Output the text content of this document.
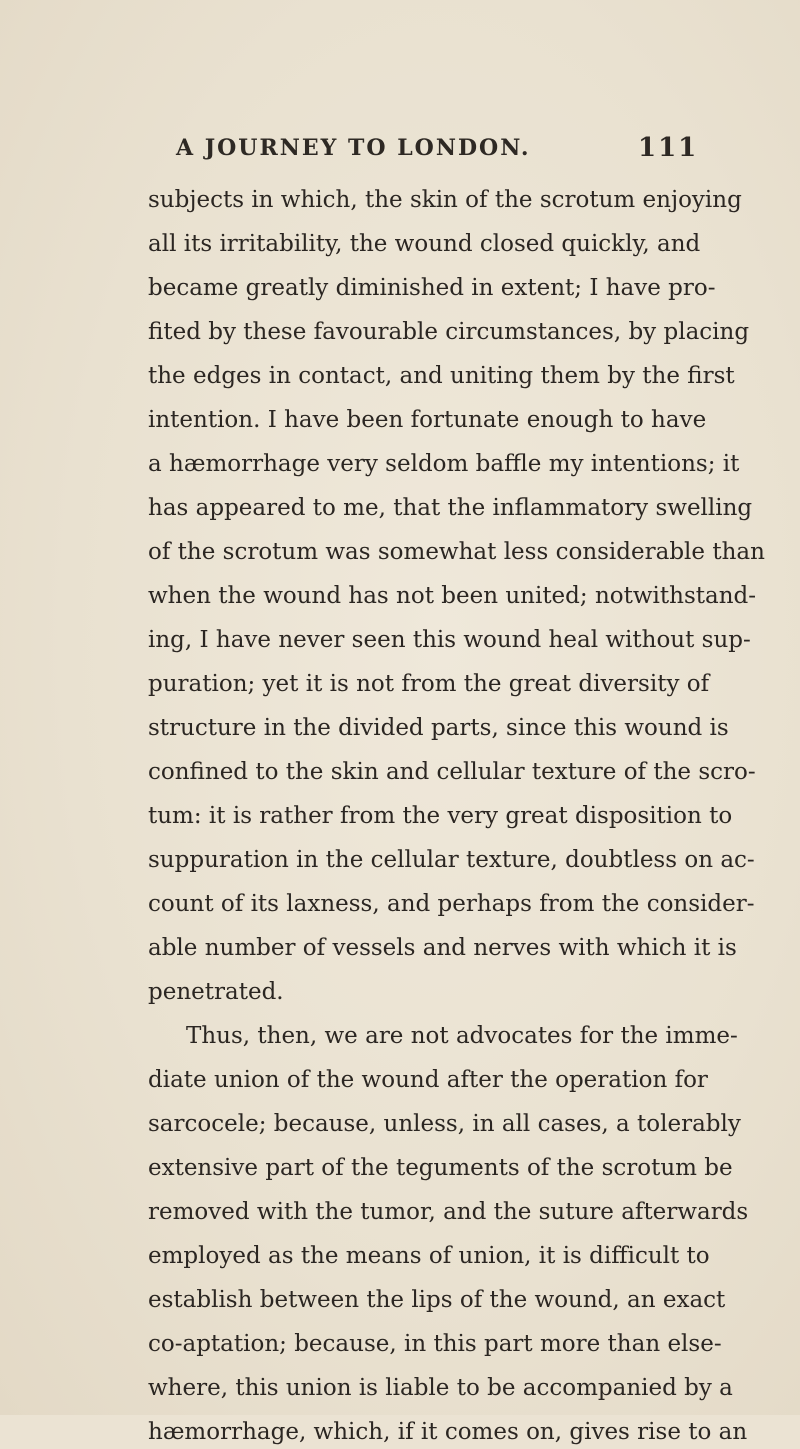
A JOURNEY TO LONDON.	111
subjects in which, the skin of the scrotum enjoying
all its irritability, the wound closed quickly, and
became greatly diminished in extent; I have pro-
fited by these favourable circumstances, by placing
the edges in contact, and uniting them by the first
intention. I have been fortunate enough to have
a hæmorrhage very seldom baffle my intentions; it
has appeared to me, that the inflammatory swelling
of the scrotum was somewhat less considerable than
when the wound has not been united; notwithstand-
ing, I have never seen this wound heal without sup-
puration; yet it is not from the great diversity of
structure in the divided parts, since this wound is
confined to the skin and cellular texture of the scro-
tum: it is rather from the very great disposition to
suppuration in the cellular texture, doubtless on ac-
count of its laxness, and perhaps from the consider-
able number of vessels and nerves with which it is
penetrated.
Thus, then, we are not advocates for the imme-
diate union of the wound after the operation for
sarcocele; because, unless, in all cases, a tolerably
extensive part of the teguments of the scrotum be
removed with the tumor, and the suture afterwards
employed as the means of union, it is difficult to
establish between the lips of the wound, an exact
co-aptation; because, in this part more than else-
where, this union is liable to be accompanied by a
hæmorrhage, which, if it comes on, gives rise to an
